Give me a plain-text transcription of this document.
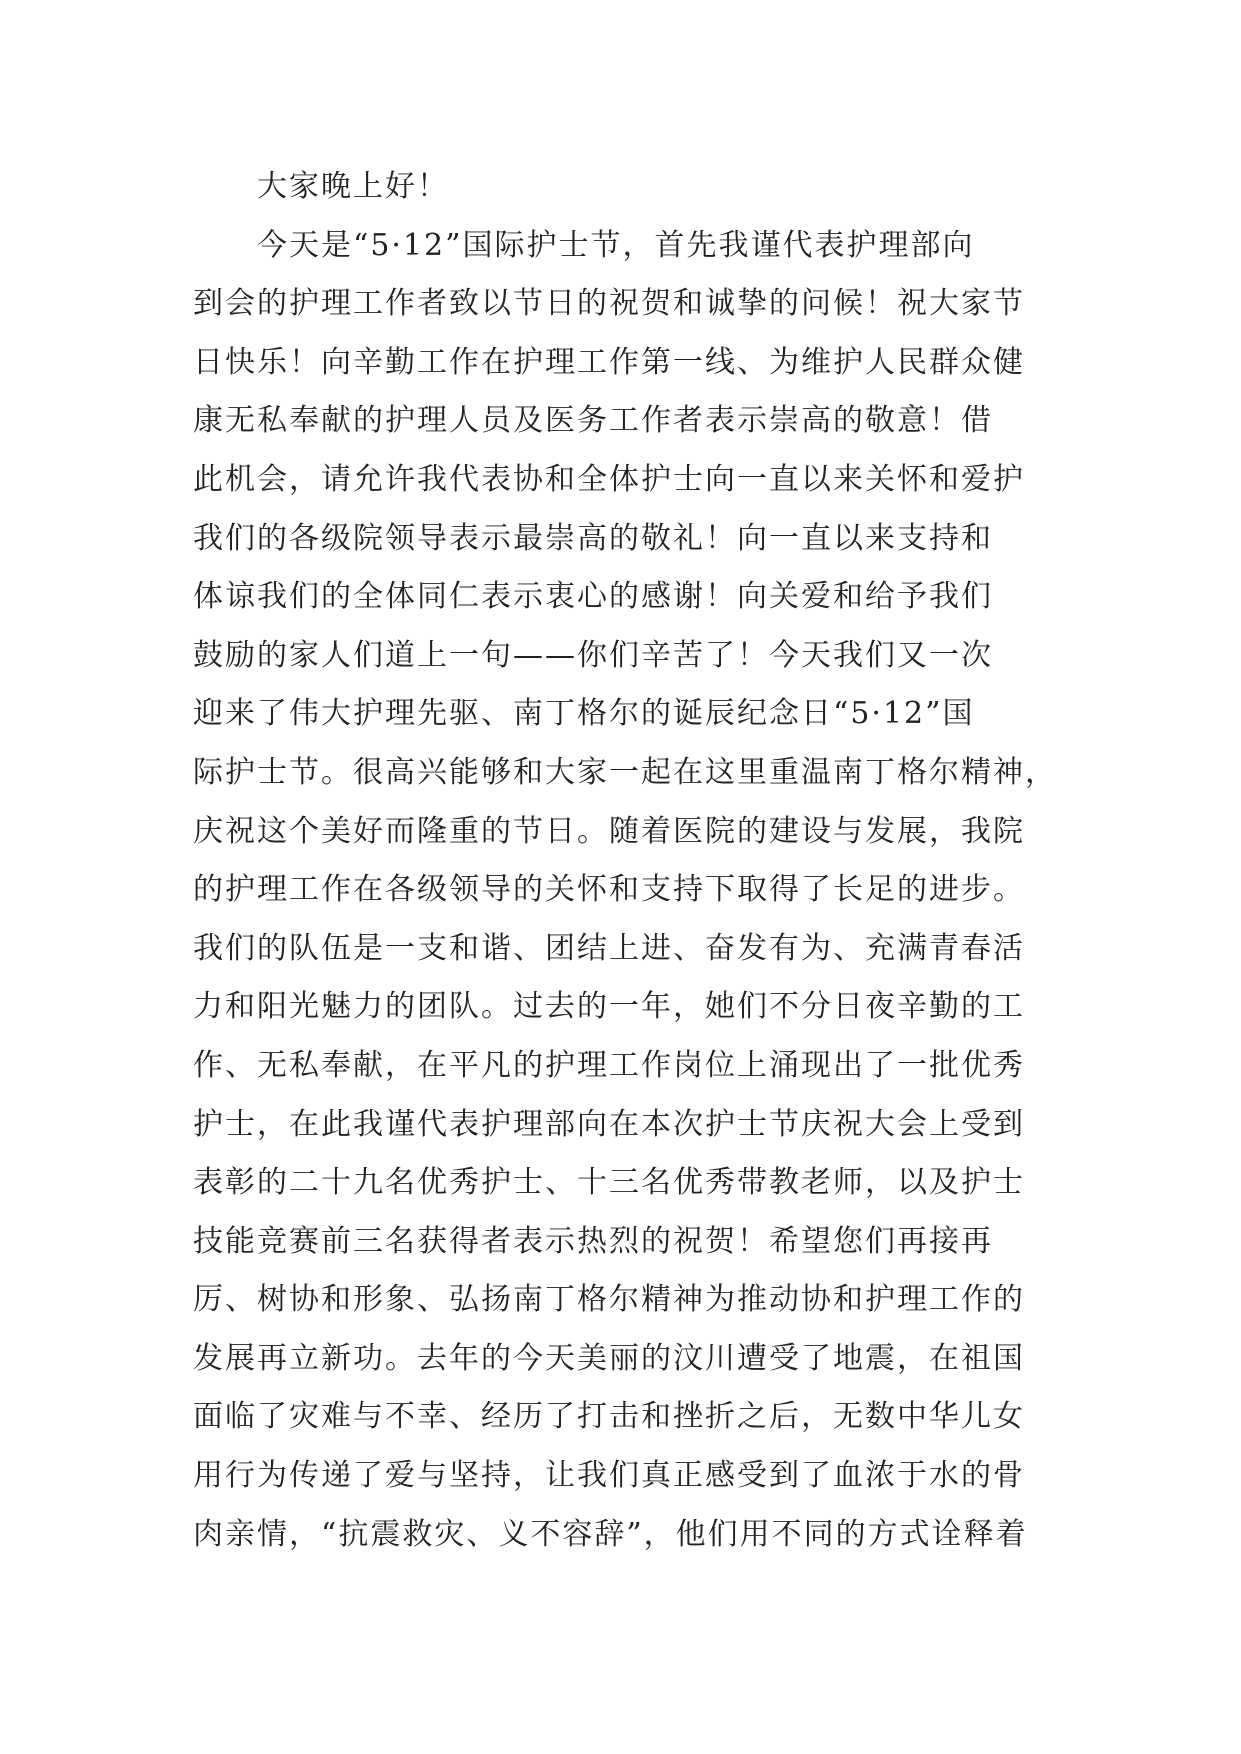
大家晚上好！
今天是“5·12”国际护士节，首先我谨代表护理部向
到会的护理工作者致以节日的祝贺和诚挚的问候！祝大家节
日快乐！向辛勤工作在护理工作第一线、为维护人民群众健
康无私奉献的护理人员及医务工作者表示崇高的敬意！借
此机会，请允许我代表协和全体护士向一直以来关怀和爱护
我们的各级院领导表示最崇高的敬礼！向一直以来支持和
体谅我们的全体同仁表示衷心的感谢！向关爱和给予我们
鼓励的家人们道上一句——你们辛苦了！今天我们又一次
迎来了伟大护理先驱、南丁格尔的诞辰纪念日“5·12”国
际护士节。很高兴能够和大家一起在这里重温南丁格尔精神，
庆祝这个美好而隆重的节日。随着医院的建设与发展，我院
的护理工作在各级领导的关怀和支持下取得了长足的进步。
我们的队伍是一支和谐、团结上进、奋发有为、充满青春活
力和阳光魅力的团队。过去的一年，她们不分日夜辛勤的工
作、无私奉献，在平凡的护理工作岗位上涌现出了一批优秀
护士，在此我谨代表护理部向在本次护士节庆祝大会上受到
表彰的二十九名优秀护士、十三名优秀带教老师，以及护士
技能竞赛前三名获得者表示热烈的祝贺！希望您们再接再
厉、树协和形象、弘扬南丁格尔精神为推动协和护理工作的
发展再立新功。去年的今天美丽的汶川遭受了地震，在祖国
面临了灾难与不幸、经历了打击和挫折之后，无数中华儿女
用行为传递了爱与坚持，让我们真正感受到了血浓于水的骨
肉亲情，“抗震救灾、义不容辞”，他们用不同的方式诠释着
